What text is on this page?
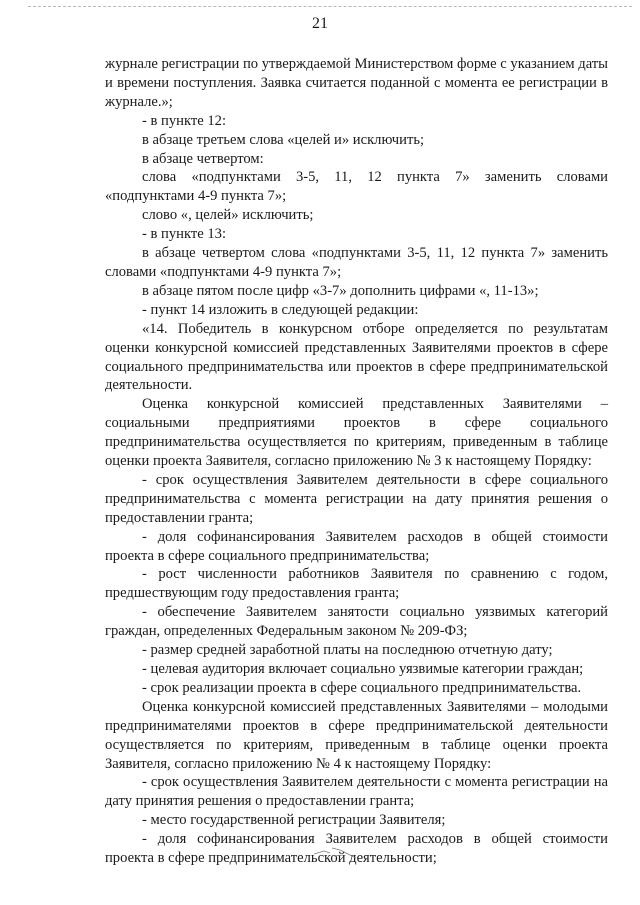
21
журнале регистрации по утверждаемой Министерством форме с указанием даты и времени поступления. Заявка считается поданной с момента ее регистрации в журнале.»;
- в пункте 12:
в абзаце третьем слова «целей и» исключить;
в абзаце четвертом:
слова «подпунктами 3-5, 11, 12 пункта 7» заменить словами «подпунктами 4-9 пункта 7»;
слово «, целей» исключить;
- в пункте 13:
в абзаце четвертом слова «подпунктами 3-5, 11, 12 пункта 7» заменить словами «подпунктами 4-9 пункта 7»;
в абзаце пятом после цифр «3-7» дополнить цифрами «, 11-13»;
- пункт 14 изложить в следующей редакции:
«14. Победитель в конкурсном отборе определяется по результатам оценки конкурсной комиссией представленных Заявителями проектов в сфере социального предпринимательства или проектов в сфере предпринимательской деятельности.
Оценка конкурсной комиссией представленных Заявителями – социальными предприятиями проектов в сфере социального предпринимательства осуществляется по критериям, приведенным в таблице оценки проекта Заявителя, согласно приложению № 3 к настоящему Порядку:
- срок осуществления Заявителем деятельности в сфере социального предпринимательства с момента регистрации на дату принятия решения о предоставлении гранта;
- доля софинансирования Заявителем расходов в общей стоимости проекта в сфере социального предпринимательства;
- рост численности работников Заявителя по сравнению с годом, предшествующим году предоставления гранта;
- обеспечение Заявителем занятости социально уязвимых категорий граждан, определенных Федеральным законом № 209-ФЗ;
- размер средней заработной платы на последнюю отчетную дату;
- целевая аудитория включает социально уязвимые категории граждан;
- срок реализации проекта в сфере социального предпринимательства.
Оценка конкурсной комиссией представленных Заявителями – молодыми предпринимателями проектов в сфере предпринимательской деятельности осуществляется по критериям, приведенным в таблице оценки проекта Заявителя, согласно приложению № 4 к настоящему Порядку:
- срок осуществления Заявителем деятельности с момента регистрации на дату принятия решения о предоставлении гранта;
- место государственной регистрации Заявителя;
- доля софинансирования Заявителем расходов в общей стоимости проекта в сфере предпринимательской деятельности;
